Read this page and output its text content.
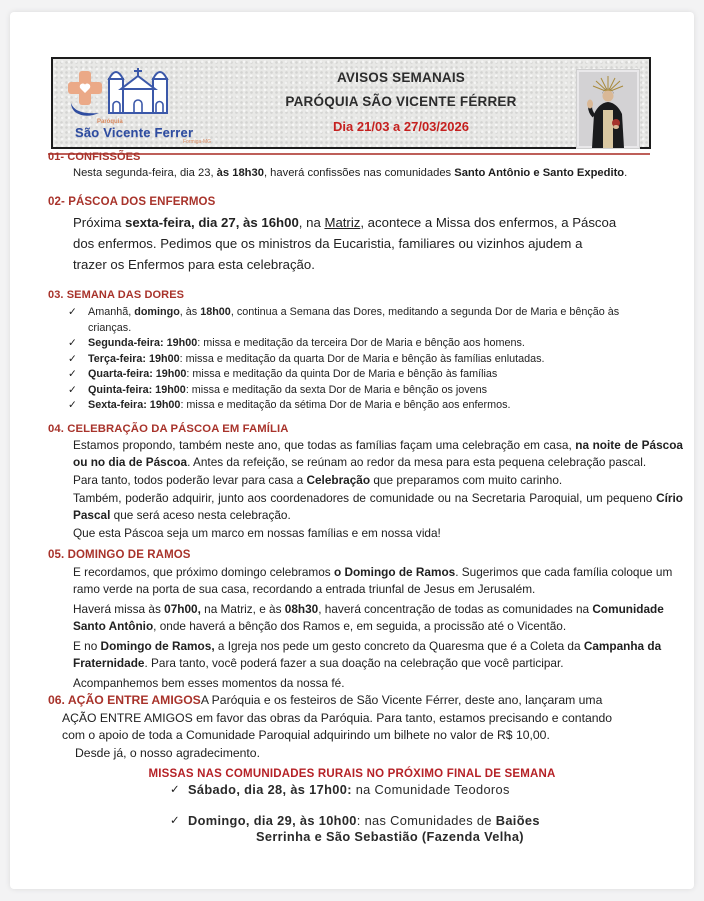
Paróquia
São Vicente Ferrer
Formiga-MG
AVISOS SEMANAIS
PARÓQUIA SÃO VICENTE FÉRRER
Dia 21/03 a 27/03/2026
01- CONFISSÕES
Nesta segunda-feira, dia 23, às 18h30, haverá confissões nas comunidades Santo Antônio e Santo Expedito.
02- PÁSCOA DOS ENFERMOS
Próxima sexta-feira, dia 27, às 16h00, na Matriz, acontece a Missa dos enfermos, a Páscoa dos enfermos. Pedimos que os ministros da Eucaristia, familiares ou vizinhos ajudem a trazer os Enfermos para esta celebração.
03. SEMANA DAS DORES
✓	Amanhã, domingo, às 18h00, continua a Semana das Dores, meditando a segunda Dor de Maria e bênção às crianças.
✓	Segunda-feira: 19h00: missa e meditação da terceira Dor de Maria e bênção aos homens.
✓	Terça-feira: 19h00: missa e meditação da quarta Dor de Maria e bênção às famílias enlutadas.
✓	Quarta-feira: 19h00: missa e meditação da quinta Dor de Maria e bênção às famílias
✓	Quinta-feira: 19h00: missa e meditação da sexta Dor de Maria e bênção os jovens
✓	Sexta-feira: 19h00: missa e meditação da sétima Dor de Maria e bênção aos enfermos.
04. CELEBRAÇÃO DA PÁSCOA EM FAMÍLIA
Estamos propondo, também neste ano, que todas as famílias façam uma celebração em casa, na noite de Páscoa ou no dia de Páscoa. Antes da refeição, se reúnam ao redor da mesa para esta pequena celebração pascal.
Para tanto, todos poderão levar para casa a Celebração que preparamos com muito carinho.
Também, poderão adquirir, junto aos coordenadores de comunidade ou na Secretaria Paroquial, um pequeno Círio Pascal que será aceso nesta celebração.
Que esta Páscoa seja um marco em nossas famílias e em nossa vida!
05. DOMINGO DE RAMOS
E recordamos, que próximo domingo celebramos o Domingo de Ramos. Sugerimos que cada família coloque um ramo verde na porta de sua casa, recordando a entrada triunfal de Jesus em Jerusalém.
Haverá missa às 07h00, na Matriz, e às 08h30, haverá concentração de todas as comunidades na Comunidade Santo Antônio, onde haverá a bênção dos Ramos e, em seguida, a procissão até o Vicentão.
E no Domingo de Ramos, a Igreja nos pede um gesto concreto da Quaresma que é a Coleta da Campanha da Fraternidade. Para tanto, você poderá fazer a sua doação na celebração que você participar.
Acompanhemos bem esses momentos da nossa fé.
06. AÇÃO ENTRE AMIGOSA Paróquia e os festeiros de São Vicente Férrer, deste ano, lançaram uma AÇÃO ENTRE AMIGOS em favor das obras da Paróquia. Para tanto, estamos precisando e contando com o apoio de toda a Comunidade Paroquial adquirindo um bilhete no valor de R$ 10,00.
Desde já, o nosso agradecimento.
MISSAS NAS COMUNIDADES RURAIS NO PRÓXIMO FINAL DE SEMANA
✓ Sábado, dia 28, às 17h00: na Comunidade Teodoros
✓ Domingo, dia 29, às 10h00: nas Comunidades de Baiões
Serrinha e São Sebastião (Fazenda Velha)
